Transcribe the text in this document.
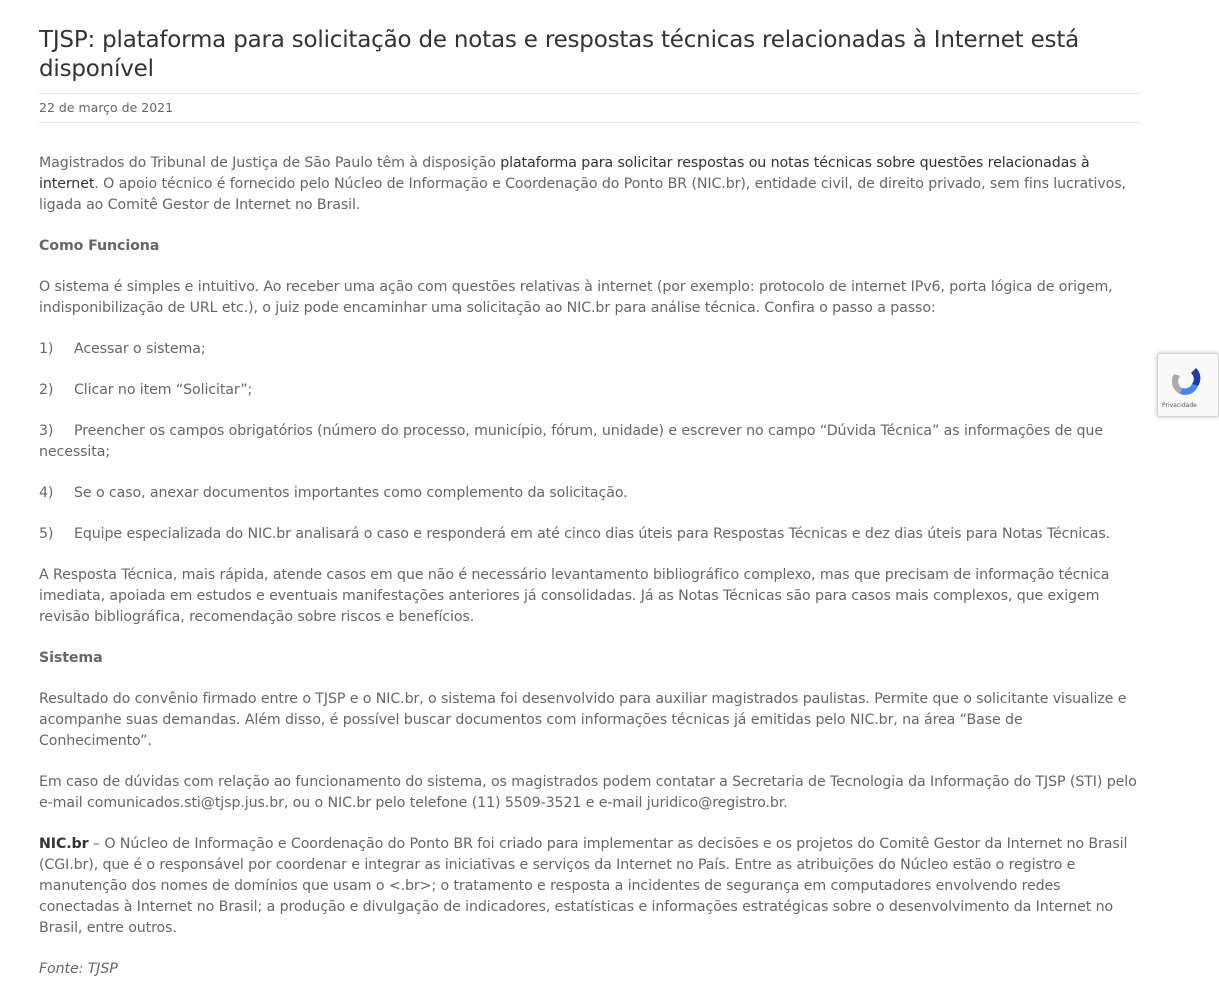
TJSP: plataforma para solicitação de notas e respostas técnicas relacionadas à Internet está disponível
22 de março de 2021

Magistrados do Tribunal de Justiça de São Paulo têm à disposição plataforma para solicitar respostas ou notas técnicas sobre questões relacionadas à internet. O apoio técnico é fornecido pelo Núcleo de Informação e Coordenação do Ponto BR (NIC.br), entidade civil, de direito privado, sem fins lucrativos, ligada ao Comitê Gestor de Internet no Brasil.

Como Funciona

O sistema é simples e intuitivo. Ao receber uma ação com questões relativas à internet (por exemplo: protocolo de internet IPv6, porta lógica de origem, indisponibilização de URL etc.), o juiz pode encaminhar uma solicitação ao NIC.br para análise técnica. Confira o passo a passo:

1) Acessar o sistema;

2) Clicar no item “Solicitar”;

3) Preencher os campos obrigatórios (número do processo, município, fórum, unidade) e escrever no campo “Dúvida Técnica” as informações de que necessita;

4) Se o caso, anexar documentos importantes como complemento da solicitação.

5) Equipe especializada do NIC.br analisará o caso e responderá em até cinco dias úteis para Respostas Técnicas e dez dias úteis para Notas Técnicas.

A Resposta Técnica, mais rápida, atende casos em que não é necessário levantamento bibliográfico complexo, mas que precisam de informação técnica imediata, apoiada em estudos e eventuais manifestações anteriores já consolidadas. Já as Notas Técnicas são para casos mais complexos, que exigem revisão bibliográfica, recomendação sobre riscos e benefícios.

Sistema

Resultado do convênio firmado entre o TJSP e o NIC.br, o sistema foi desenvolvido para auxiliar magistrados paulistas. Permite que o solicitante visualize e acompanhe suas demandas. Além disso, é possível buscar documentos com informações técnicas já emitidas pelo NIC.br, na área “Base de Conhecimento”.

Em caso de dúvidas com relação ao funcionamento do sistema, os magistrados podem contatar a Secretaria de Tecnologia da Informação do TJSP (STI) pelo e-mail comunicados.sti@tjsp.jus.br, ou o NIC.br pelo telefone (11) 5509-3521 e e-mail juridico@registro.br.

NIC.br – O Núcleo de Informação e Coordenação do Ponto BR foi criado para implementar as decisões e os projetos do Comitê Gestor da Internet no Brasil (CGI.br), que é o responsável por coordenar e integrar as iniciativas e serviços da Internet no País. Entre as atribuições do Núcleo estão o registro e manutenção dos nomes de domínios que usam o <.br>; o tratamento e resposta a incidentes de segurança em computadores envolvendo redes conectadas à Internet no Brasil; a produção e divulgação de indicadores, estatísticas e informações estratégicas sobre o desenvolvimento da Internet no Brasil, entre outros.

Fonte: TJSP

Privacidade
